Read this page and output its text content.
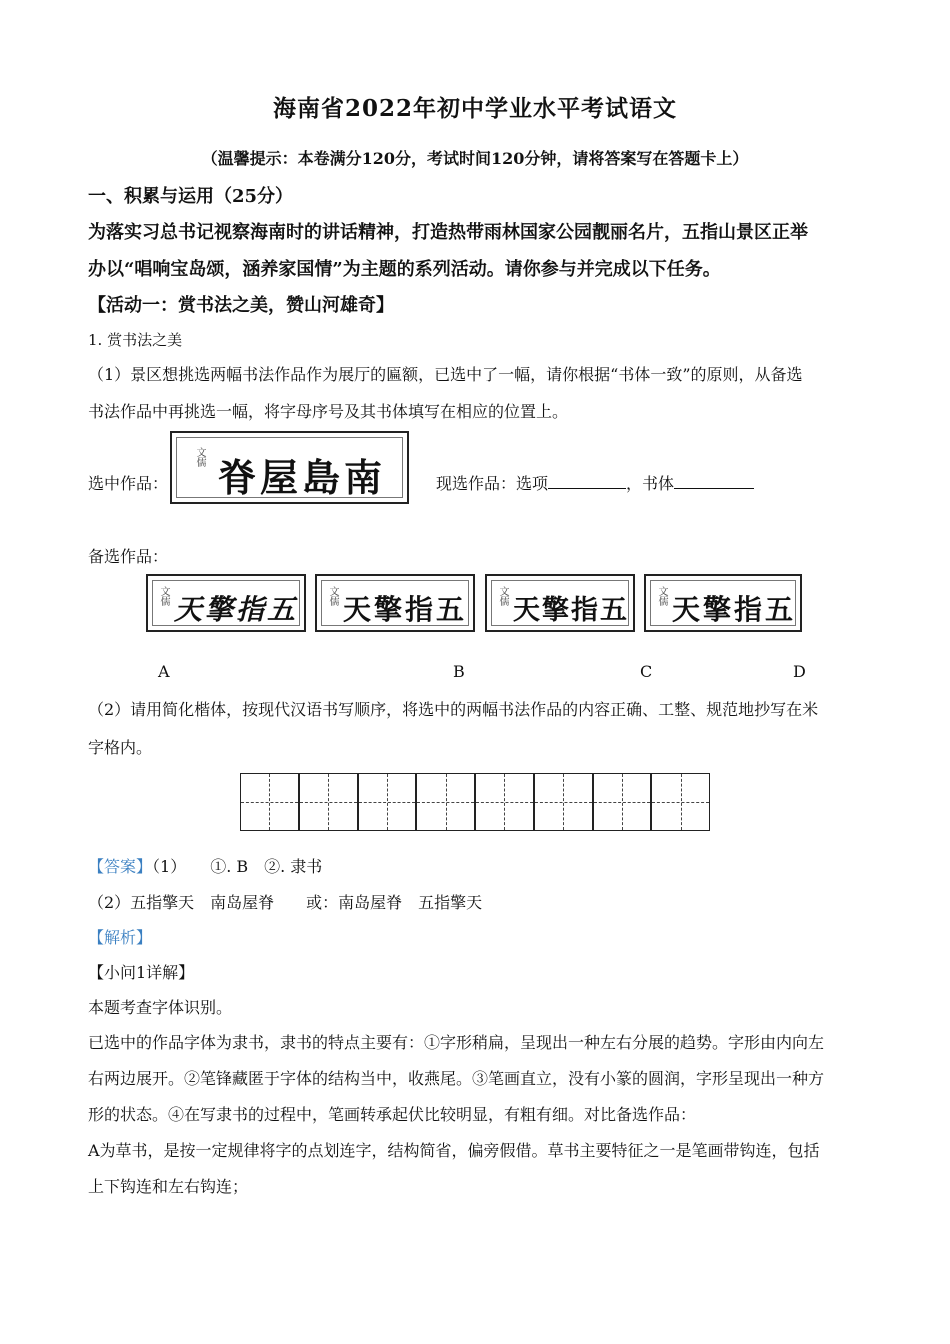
海南省2022年初中学业水平考试语文
（温馨提示：本卷满分120分，考试时间120分钟，请将答案写在答题卡上）
一、积累与运用（25分）
为落实习总书记视察海南时的讲话精神，打造热带雨林国家公园靓丽名片，五指山景区正举
办以“唱响宝岛颂，涵养家国情”为主题的系列活动。请你参与并完成以下任务。
【活动一：赏书法之美，赞山河雄奇】
1. 赏书法之美
（1）景区想挑选两幅书法作品作为展厅的匾额，已选中了一幅，请你根据“书体一致”的原则，从备选
书法作品中再挑选一幅，将字母序号及其书体填写在相应的位置上。
选中作品：
文儒 脊屋島南	现选作品：选项	，书体
备选作品：
文儒 天擎指五	文儒 天擎指五	文儒 天擎指五	文儒 天擎指五
A	B	C	D
（2）请用简化楷体，按现代汉语书写顺序，将选中的两幅书法作品的内容正确、工整、规范地抄写在米
字格内。
【答案】（1）　　①. B　②. 隶书
（2）五指擎天　南岛屋脊　　或：南岛屋脊　五指擎天
【解析】
【小问1详解】
本题考查字体识别。
已选中的作品字体为隶书，隶书的特点主要有：①字形稍扁，呈现出一种左右分展的趋势。字形由内向左
右两边展开。②笔锋藏匿于字体的结构当中，收燕尾。③笔画直立，没有小篆的圆润，字形呈现出一种方
形的状态。④在写隶书的过程中，笔画转承起伏比较明显，有粗有细。对比备选作品：
A为草书，是按一定规律将字的点划连字，结构简省，偏旁假借。草书主要特征之一是笔画带钩连，包括
上下钩连和左右钩连；
